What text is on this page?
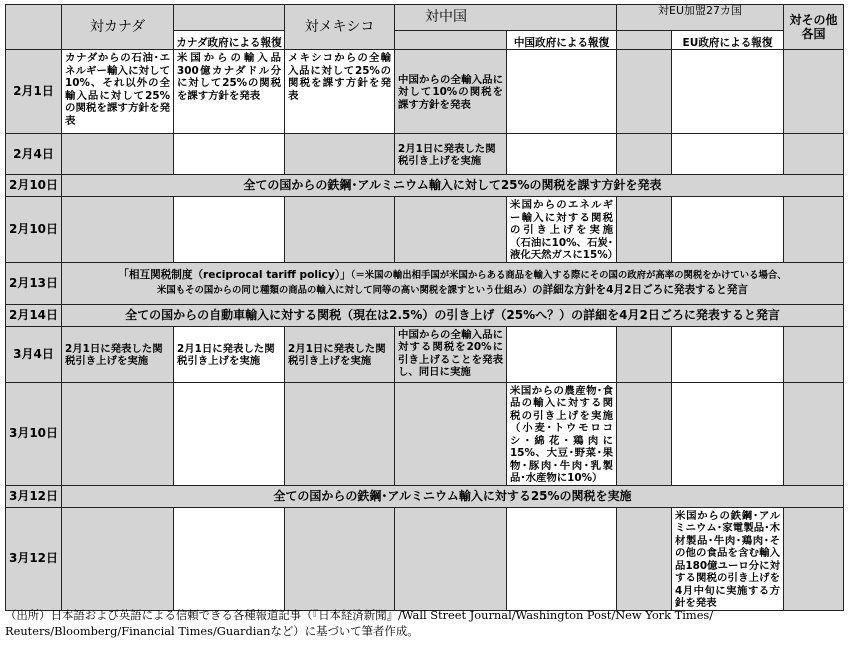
	対カナダ		対メキシコ	対中国		対EU加盟27カ国		対その他
各国
		カナダ政府による報復			中国政府による報復		EU政府による報復	
2月1日	カナダからの石油･エネルギー輸入に対して10%、それ以外の全輸入品に対して25%の関税を課す方針を発表	米国からの輸入品300億カナダドル分に対して25%の関税を課す方針を発表	メキシコからの全輸入品に対して25%の関税を課す方針を発表	中国からの全輸入品に対して10%の関税を課す方針を発表				
2月4日				2月1日に発表した関税引き上げを実施				
2月10日	全ての国からの鉄鋼･アルミニウム輸入に対して25%の関税を課す方針を発表							
2月10日					米国からのエネルギー輸入に対する関税の引き上げを実施（石油に10%、石炭･液化天然ガスに15%）			
2月13日	「相互関税制度（reciprocal tariff policy）」（＝米国の輸出相手国が米国からある商品を輸入する際にその国の政府が高率の関税をかけている場合、
米国もその国からの同じ種類の商品の輸入に対して同等の高い関税を課すという仕組み）の詳細な方針を4月2日ごろに発表すると発言							
2月14日	全ての国からの自動車輸入に対する関税（現在は2.5%）の引き上げ（25%へ？）の詳細を4月2日ごろに発表すると発言							
3月4日	2月1日に発表した関税引き上げを実施	2月1日に発表した関税引き上げを実施	2月1日に発表した関税引き上げを実施	中国からの全輸入品に対する関税を20%に引き上げることを発表し、同日に実施				
3月10日					米国からの農産物･食品の輸入に対する関税の引き上げを実施（小麦･トウモロコシ･綿花･鶏肉に15%、大豆･野菜･果物･豚肉･牛肉･乳製品･水産物に10%）			
3月12日	全ての国からの鉄鋼･アルミニウム輸入に対する25%の関税を実施							
3月12日							米国からの鉄鋼･アルミニウム･家電製品･木材製品･牛肉･鶏肉･その他の食品を含む輸入品180億ユーロ分に対する関税の引き上げを4月中旬に実施する方針を発表	
（出所）日本語および英語による信頼できる各種報道記事（『日本経済新聞』/Wall Street Journal/Washington Post/New York Times/
Reuters/Bloomberg/Financial Times/Guardianなど）に基づいて筆者作成。
